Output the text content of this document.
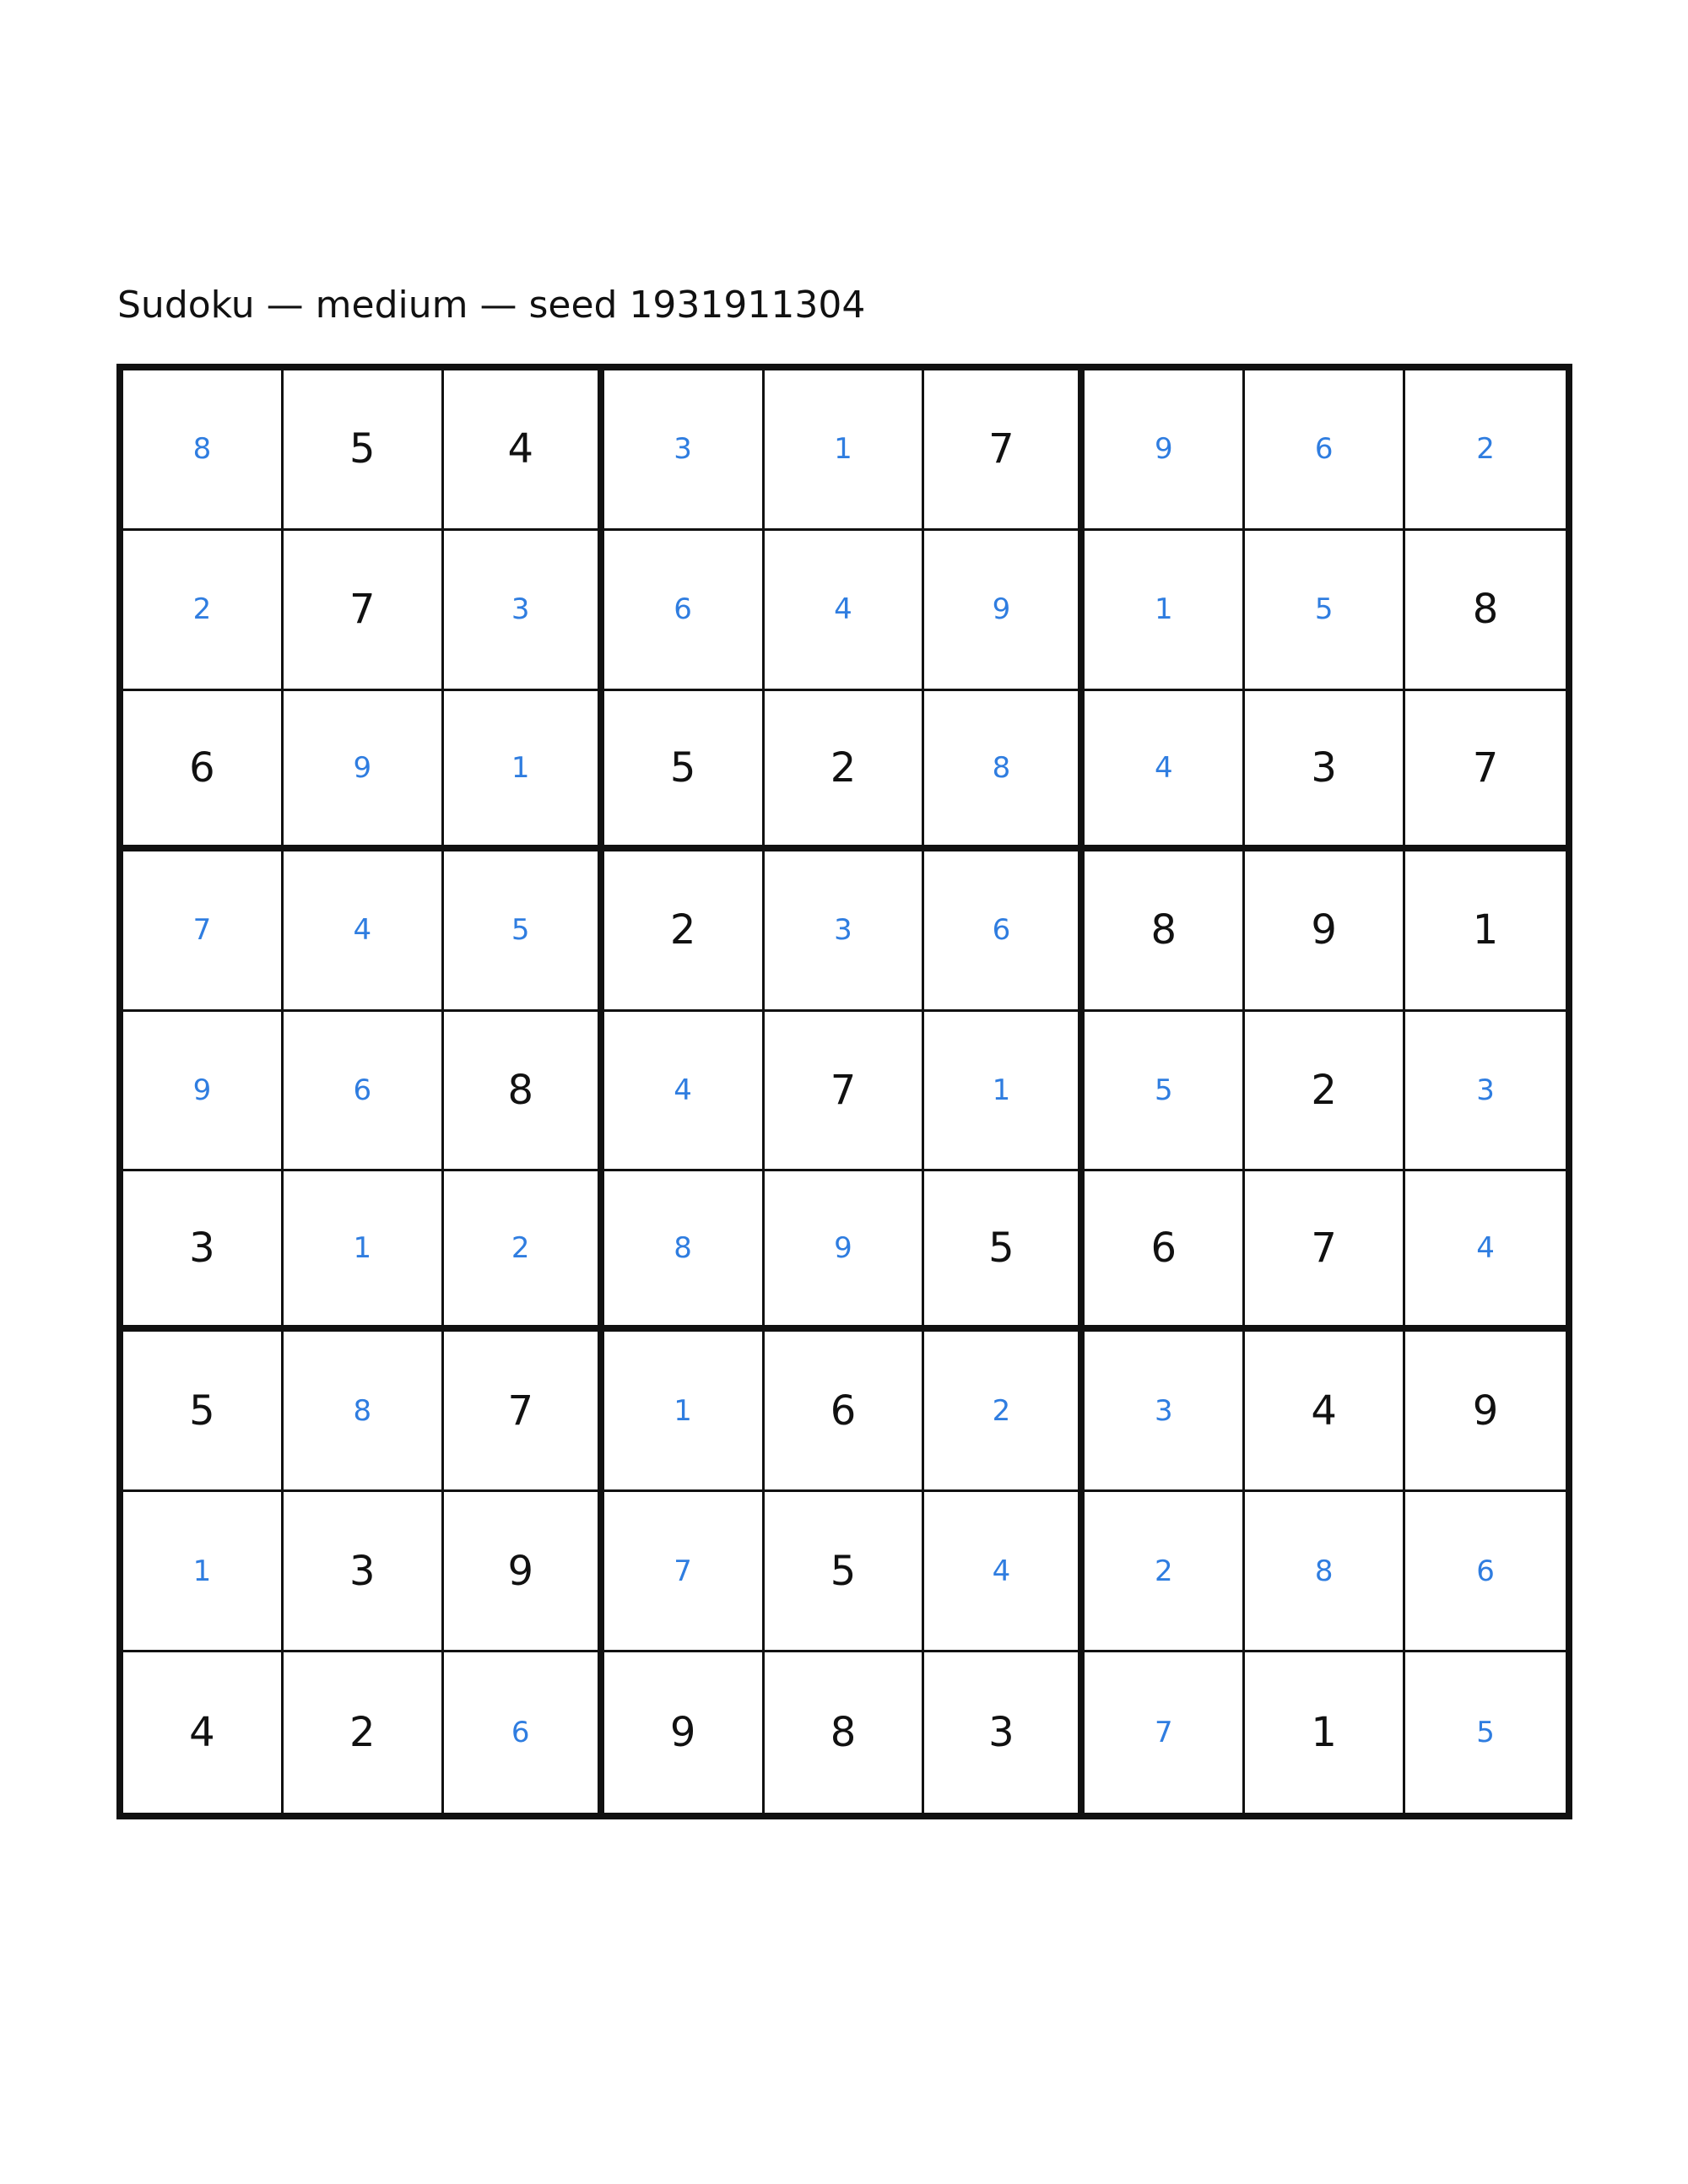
Sudoku — medium — seed 1931911304
8	5	4	3	1	7	9	6	2
2	7	3	6	4	9	1	5	8
6	9	1	5	2	8	4	3	7
7	4	5	2	3	6	8	9	1
9	6	8	4	7	1	5	2	3
3	1	2	8	9	5	6	7	4
5	8	7	1	6	2	3	4	9
1	3	9	7	5	4	2	8	6
4	2	6	9	8	3	7	1	5
